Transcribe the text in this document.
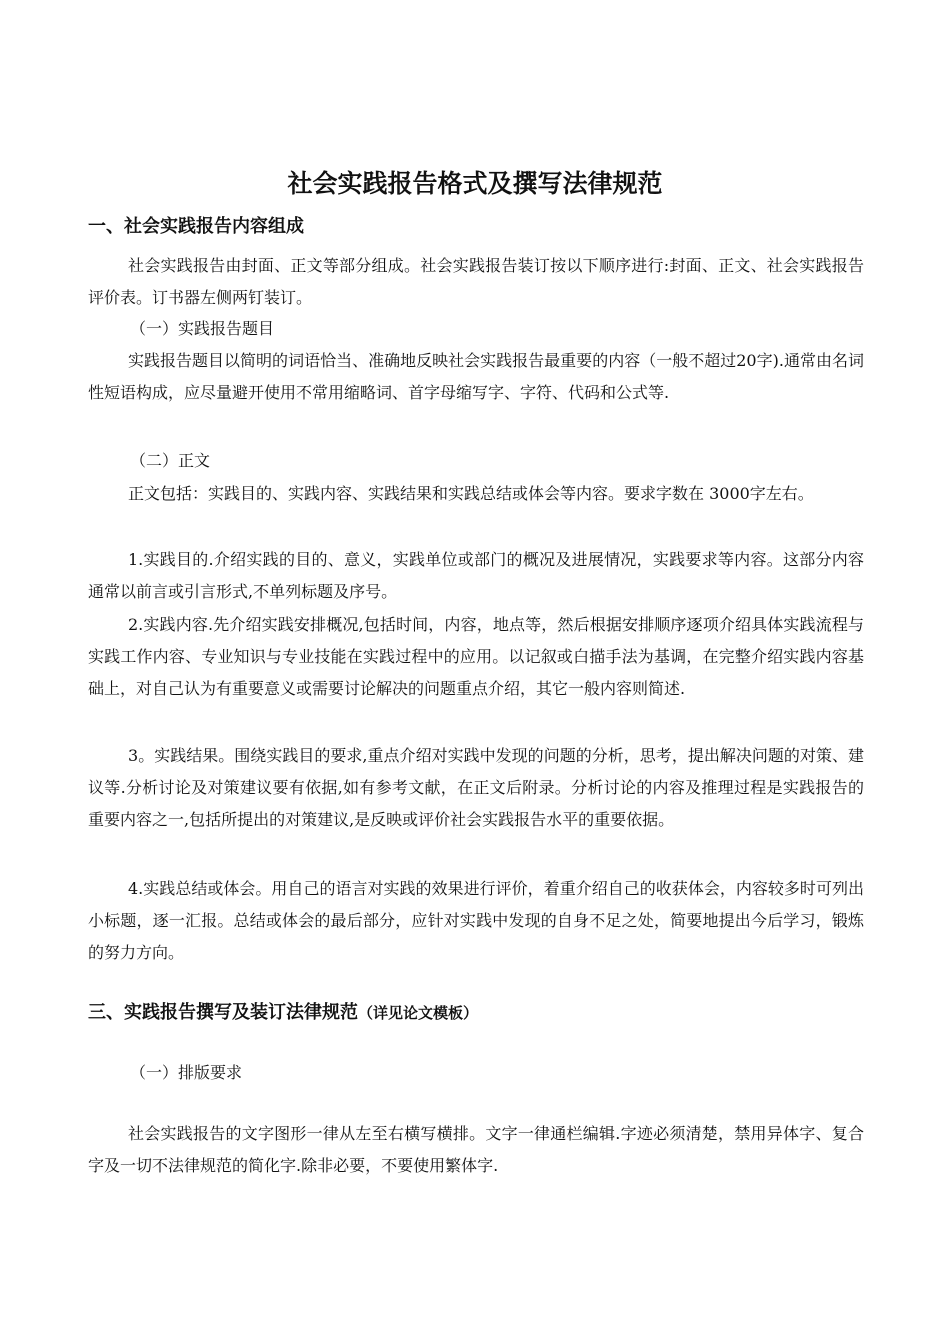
社会实践报告格式及撰写法律规范
一、社会实践报告内容组成

社会实践报告由封面、正文等部分组成。社会实践报告装订按以下顺序进行:封面、正文、社会实践报告评价表。订书器左侧两钉装订。

（一）实践报告题目

实践报告题目以简明的词语恰当、准确地反映社会实践报告最重要的内容（一般不超过20字).通常由名词性短语构成，应尽量避开使用不常用缩略词、首字母缩写字、字符、代码和公式等.

（二）正文

正文包括：实践目的、实践内容、实践结果和实践总结或体会等内容。要求字数在 3000字左右。

1.实践目的.介绍实践的目的、意义，实践单位或部门的概况及进展情况，实践要求等内容。这部分内容通常以前言或引言形式,不单列标题及序号。

2.实践内容.先介绍实践安排概况,包括时间，内容，地点等，然后根据安排顺序逐项介绍具体实践流程与实践工作内容、专业知识与专业技能在实践过程中的应用。以记叙或白描手法为基调，在完整介绍实践内容基础上，对自己认为有重要意义或需要讨论解决的问题重点介绍，其它一般内容则简述.

3。实践结果。围绕实践目的要求,重点介绍对实践中发现的问题的分析，思考，提出解决问题的对策、建议等.分析讨论及对策建议要有依据,如有参考文献，在正文后附录。分析讨论的内容及推理过程是实践报告的重要内容之一,包括所提出的对策建议,是反映或评价社会实践报告水平的重要依据。

4.实践总结或体会。用自己的语言对实践的效果进行评价，着重介绍自己的收获体会，内容较多时可列出小标题，逐一汇报。总结或体会的最后部分，应针对实践中发现的自身不足之处，简要地提出今后学习，锻炼的努力方向。

三、实践报告撰写及装订法律规范（详见论文模板）

（一）排版要求

社会实践报告的文字图形一律从左至右横写横排。文字一律通栏编辑.字迹必须清楚，禁用异体字、复合字及一切不法律规范的简化字.除非必要，不要使用繁体字.
